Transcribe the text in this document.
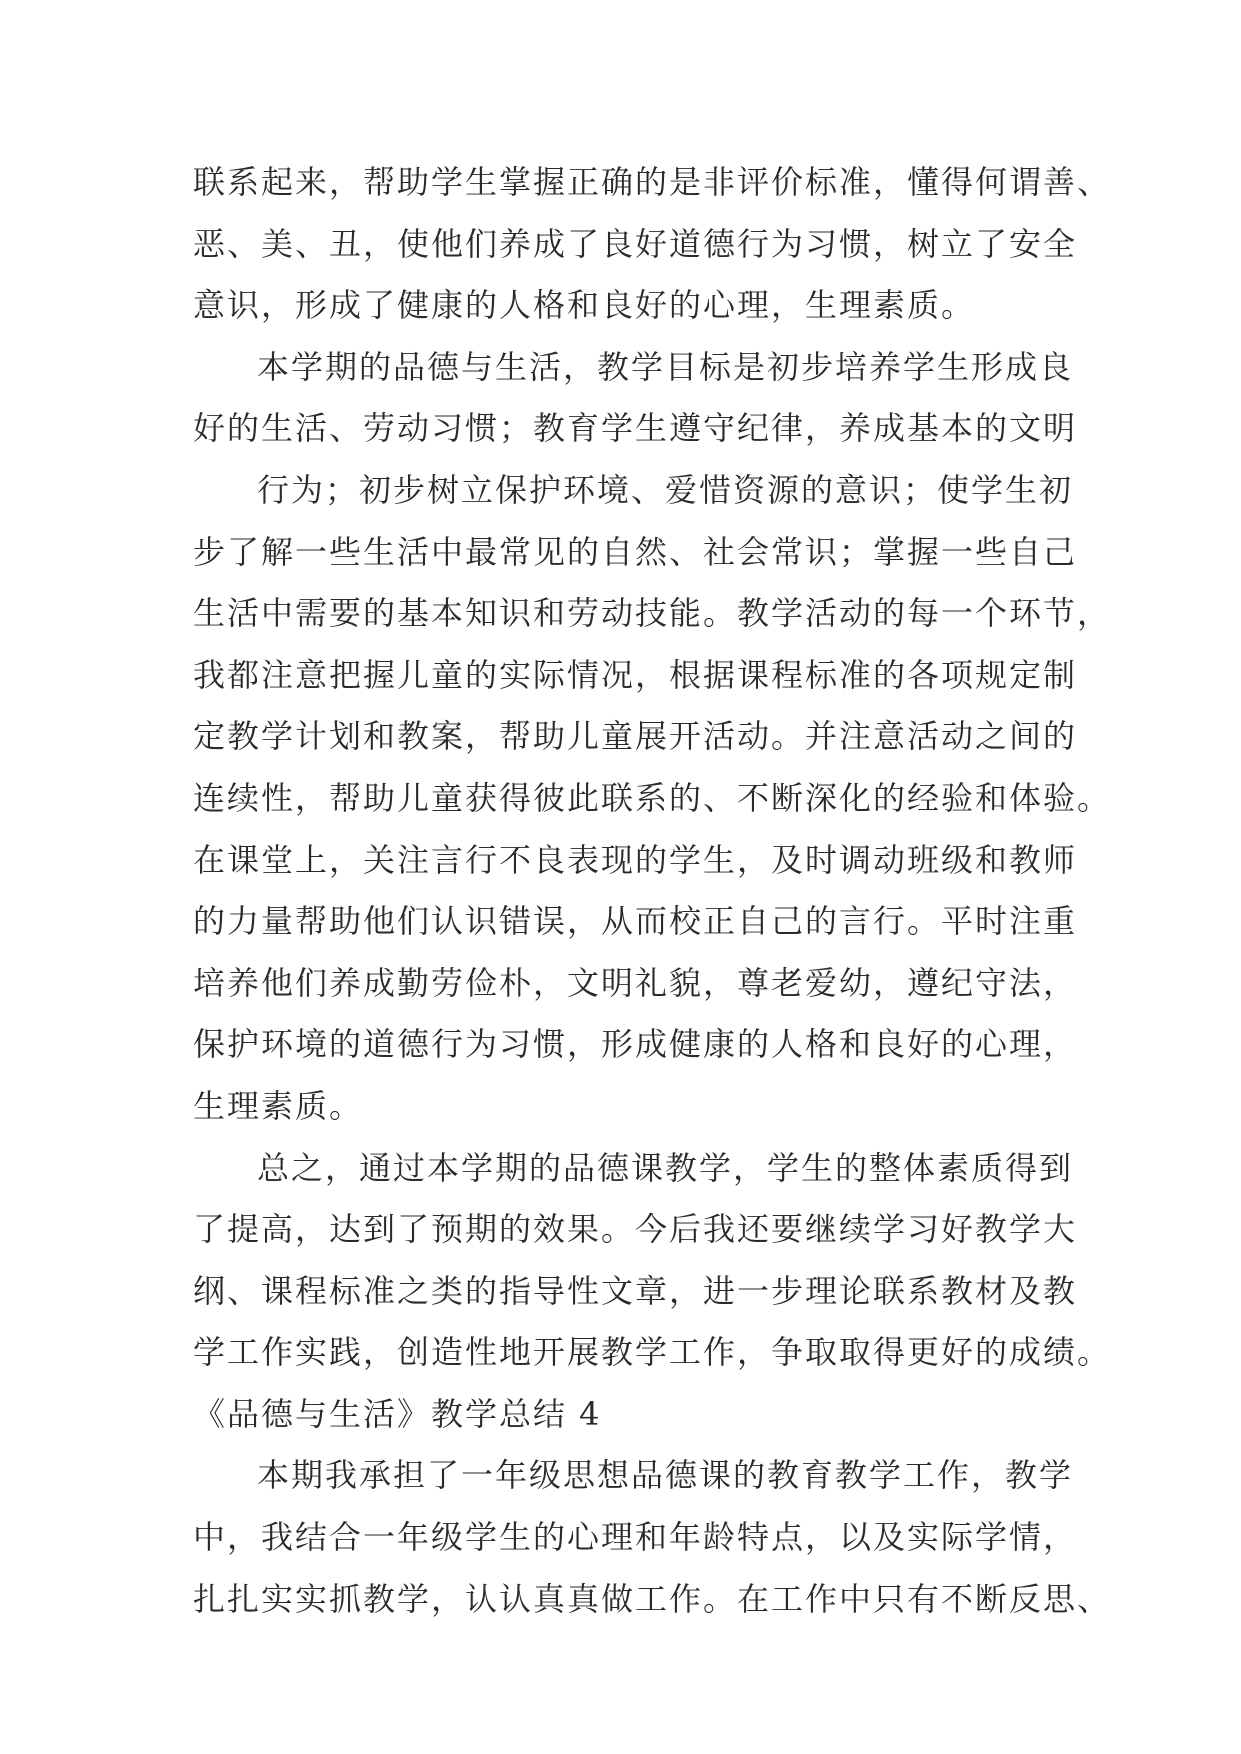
联系起来，帮助学生掌握正确的是非评价标准，懂得何谓善、
恶、美、丑，使他们养成了良好道德行为习惯，树立了安全
意识，形成了健康的人格和良好的心理，生理素质。
本学期的品德与生活，教学目标是初步培养学生形成良
好的生活、劳动习惯；教育学生遵守纪律，养成基本的文明
行为；初步树立保护环境、爱惜资源的意识；使学生初
步了解一些生活中最常见的自然、社会常识；掌握一些自己
生活中需要的基本知识和劳动技能。教学活动的每一个环节，
我都注意把握儿童的实际情况，根据课程标准的各项规定制
定教学计划和教案，帮助儿童展开活动。并注意活动之间的
连续性，帮助儿童获得彼此联系的、不断深化的经验和体验。
在课堂上，关注言行不良表现的学生，及时调动班级和教师
的力量帮助他们认识错误，从而校正自己的言行。平时注重
培养他们养成勤劳俭朴，文明礼貌，尊老爱幼，遵纪守法，
保护环境的道德行为习惯，形成健康的人格和良好的心理，
生理素质。
总之，通过本学期的品德课教学，学生的整体素质得到
了提高，达到了预期的效果。今后我还要继续学习好教学大
纲、课程标准之类的指导性文章，进一步理论联系教材及教
学工作实践，创造性地开展教学工作，争取取得更好的成绩。
《品德与生活》教学总结 4
本期我承担了一年级思想品德课的教育教学工作，教学
中，我结合一年级学生的心理和年龄特点，以及实际学情，
扎扎实实抓教学，认认真真做工作。在工作中只有不断反思、
